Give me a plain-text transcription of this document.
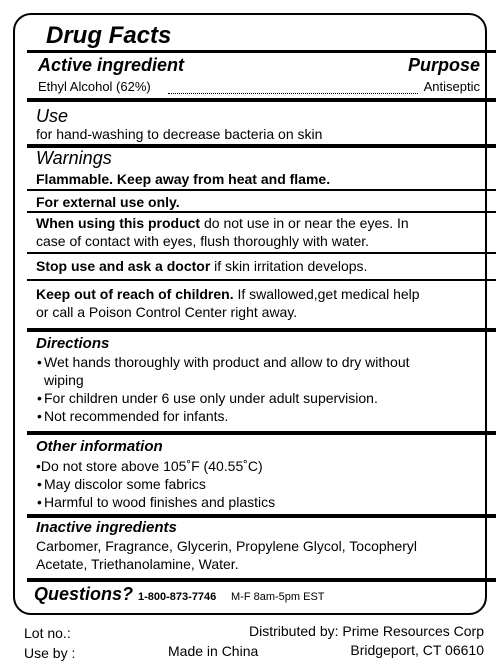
Drug Facts
Active ingredient	Purpose
Ethyl Alcohol (62%)	Antiseptic
Use
for hand-washing to decrease bacteria on skin
Warnings
Flammable. Keep away from heat and flame.
For external use only.
When using this product do not use in or near the eyes. In
case of contact with eyes, flush thoroughly with water.
Stop use and ask a doctor if skin irritation develops.
Keep out of reach of children. If swallowed,get medical help
or call a Poison Control Center right away.
Directions
• Wet hands thoroughly with product and allow to dry without
wiping
• For children under 6 use only under adult supervision.
• Not recommended for infants.
Other information
•Do not store above 105˚F (40.55˚C)
• May discolor some fabrics
• Harmful to wood finishes and plastics
Inactive ingredients
Carbomer, Fragrance, Glycerin, Propylene Glycol, Tocopheryl
Acetate, Triethanolamine, Water.
Questions? 1-800-873-7746 M-F 8am-5pm EST
Lot no.:
Use by :	Made in China
Distributed by: Prime Resources Corp
Bridgeport, CT 06610
